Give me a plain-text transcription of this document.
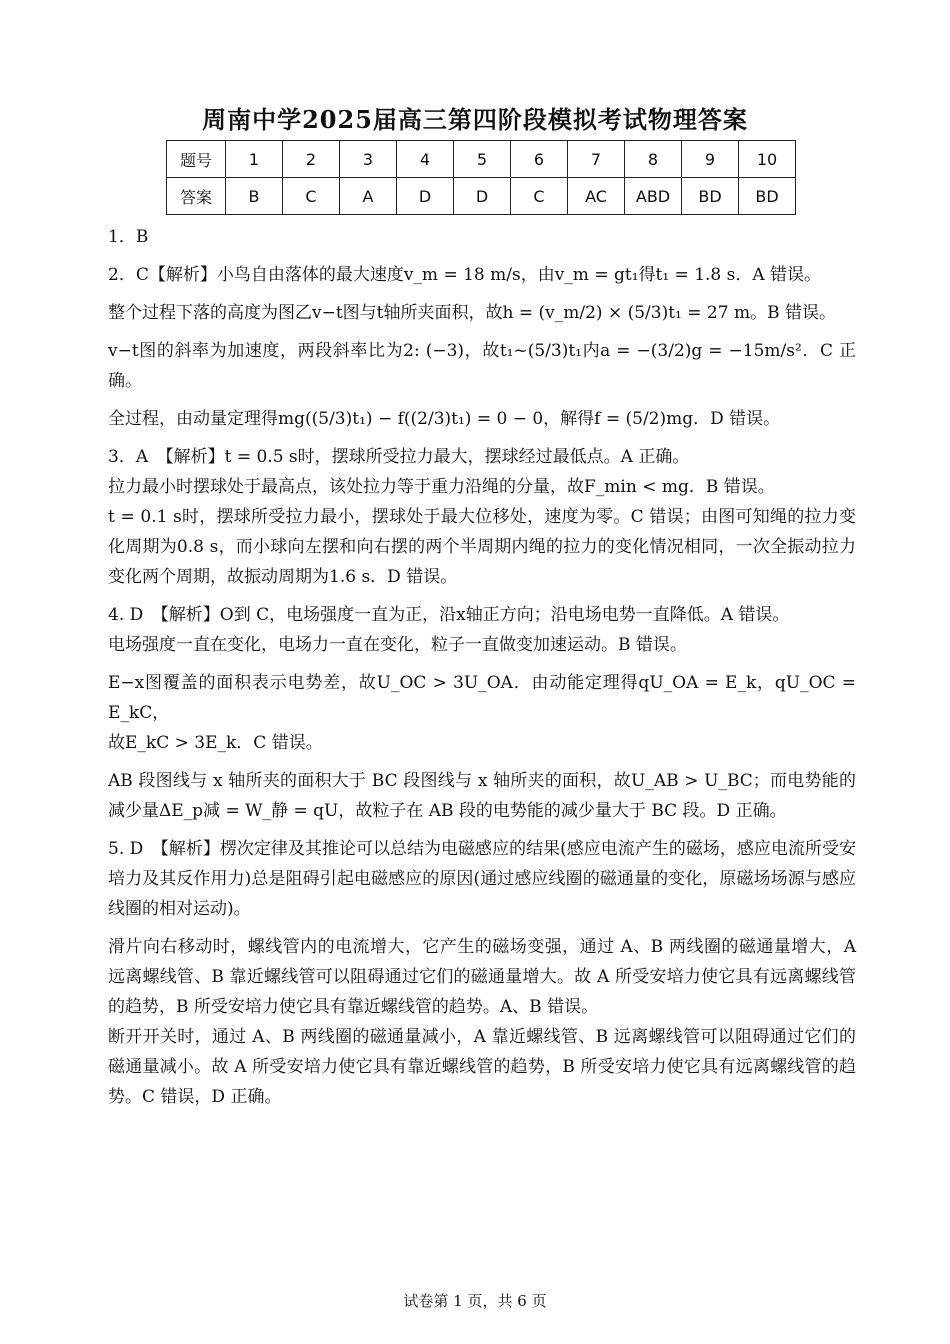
周南中学2025届高三第四阶段模拟考试物理答案
题号	1	2	3	4	5	6	7	8	9	10
答案	B	C	A	D	D	C	AC	ABD	BD	BD

1．B

2．C【解析】小鸟自由落体的最大速度v_m = 18 m/s，由v_m = gt₁得t₁ = 1.8 s．A 错误。

整个过程下落的高度为图乙v−t图与t轴所夹面积，故h = (v_m/2) × (5/3)t₁ = 27 m。B 错误。

v−t图的斜率为加速度，两段斜率比为2: (−3)，故t₁~(5/3)t₁内a = −(3/2)g = −15m/s²．C 正确。

全过程，由动量定理得mg((5/3)t₁) − f((2/3)t₁) = 0 − 0，解得f = (5/2)mg．D 错误。

3．A　【解析】t = 0.5 s时，摆球所受拉力最大，摆球经过最低点。A 正确。

拉力最小时摆球处于最高点，该处拉力等于重力沿绳的分量，故F_min < mg．B 错误。

t = 0.1 s时，摆球所受拉力最小，摆球处于最大位移处，速度为零。C 错误；由图可知绳的拉力变化周期为0.8 s，而小球向左摆和向右摆的两个半周期内绳的拉力的变化情况相同，一次全振动拉力变化两个周期，故振动周期为1.6 s．D 错误。

4. D　【解析】O到 C，电场强度一直为正，沿x轴正方向；沿电场电势一直降低。A 错误。

电场强度一直在变化，电场力一直在变化，粒子一直做变加速运动。B 错误。

E−x图覆盖的面积表示电势差，故U_OC > 3U_OA．由动能定理得qU_OA = E_k，qU_OC = E_kC，

故E_kC > 3E_k．C 错误。

AB 段图线与 x 轴所夹的面积大于 BC 段图线与 x 轴所夹的面积，故U_AB > U_BC；而电势能的减少量ΔE_p减 = W_静 = qU，故粒子在 AB 段的电势能的减少量大于 BC 段。D 正确。

5. D　【解析】楞次定律及其推论可以总结为电磁感应的结果(感应电流产生的磁场，感应电流所受安培力及其反作用力)总是阻碍引起电磁感应的原因(通过感应线圈的磁通量的变化，原磁场场源与感应线圈的相对运动)。

滑片向右移动时，螺线管内的电流增大，它产生的磁场变强，通过 A、B 两线圈的磁通量增大，A 远离螺线管、B 靠近螺线管可以阻碍通过它们的磁通量增大。故 A 所受安培力使它具有远离螺线管的趋势，B 所受安培力使它具有靠近螺线管的趋势。A、B 错误。

断开开关时，通过 A、B 两线圈的磁通量减小，A 靠近螺线管、B 远离螺线管可以阻碍通过它们的磁通量减小。故 A 所受安培力使它具有靠近螺线管的趋势，B 所受安培力使它具有远离螺线管的趋势。C 错误，D 正确。

试卷第 1 页，共 6 页
